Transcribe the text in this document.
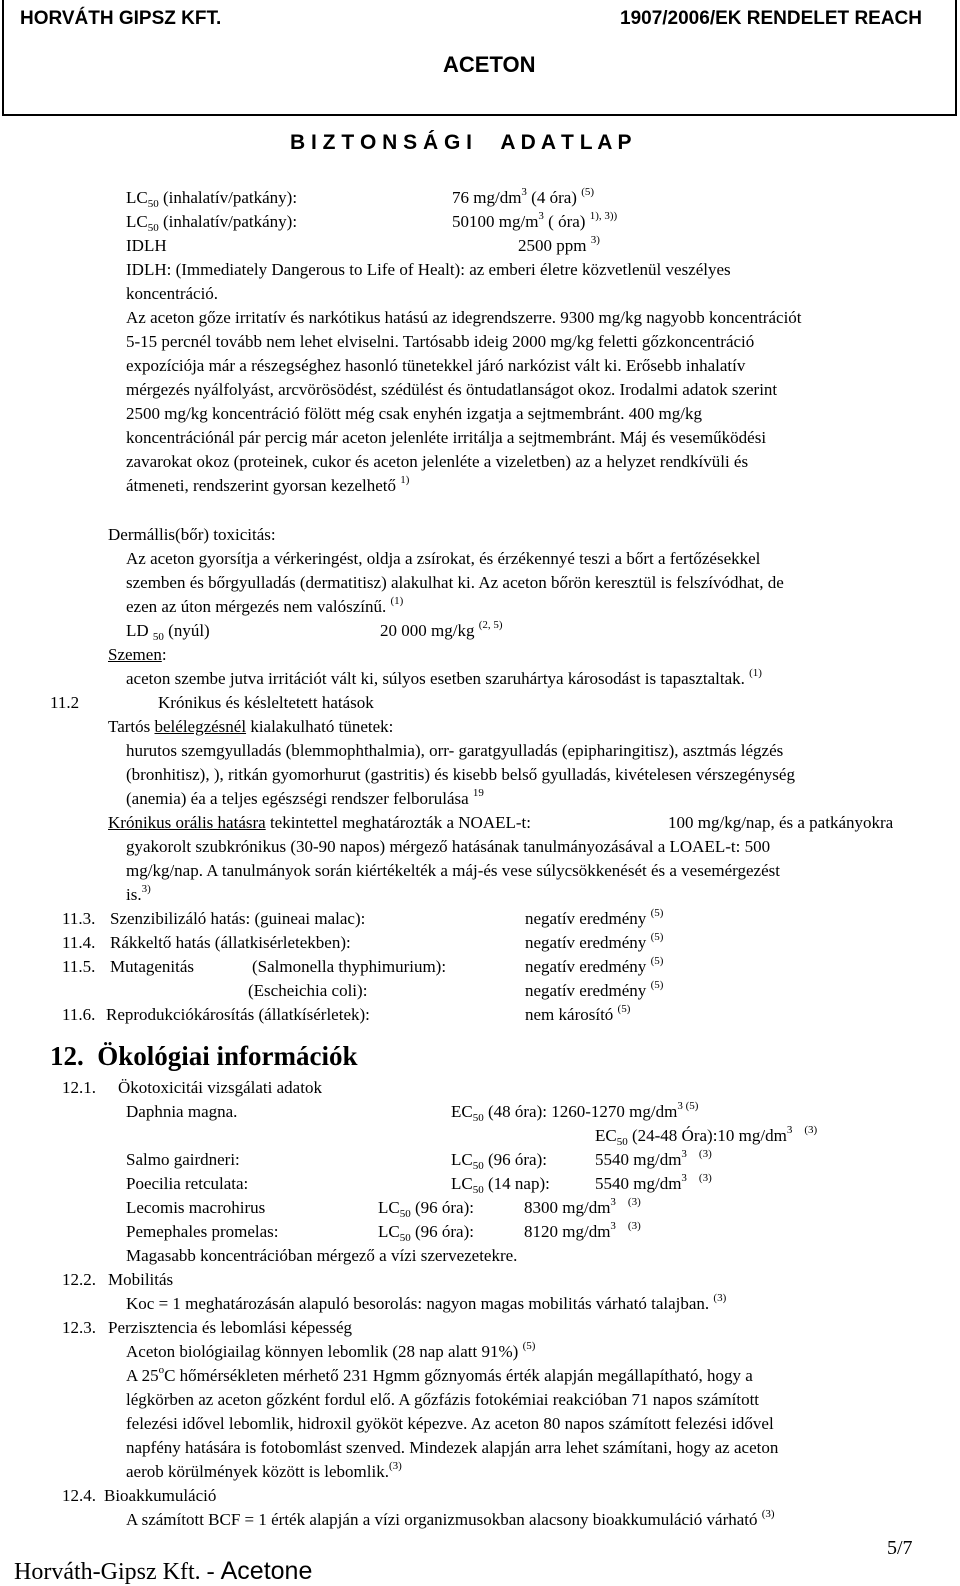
HORVÁTH GIPSZ KFT.	1907/2006/EK RENDELET REACH
ACETON
B I Z T O N S Á G I     A D A T L A P
$LC_{50}$ (inhalatív/patkány):	76 $mg/dm^3$ (4 óra) $^{(5)}$
$LC_{50}$ (inhalatív/patkány):	50100 $mg/m^3$ ( óra) $^{1), 3))}$
IDLH	2500 ppm $^{3)}$
IDLH: (Immediately Dangerous to Life of Healt): az emberi életre közvetlenül veszélyes
koncentráció.
Az aceton gőze irritatív és narkótikus hatású az idegrendszerre. 9300 mg/kg nagyobb koncentrációt
5-15 percnél tovább nem lehet elviselni. Tartósabb ideig 2000 mg/kg feletti gőzkoncentráció
expozíciója már a részegséghez hasonló tünetekkel járó narkózist vált ki. Erősebb inhalatív
mérgezés nyálfolyást, arcvörösödést, szédülést és öntudatlanságot okoz. Irodalmi adatok szerint
2500 mg/kg koncentráció fölött még csak enyhén izgatja a sejtmembránt. 400 mg/kg
koncentrációnál pár percig már aceton jelenléte irritálja a sejtmembránt. Máj és veseműködési
zavarokat okoz (proteinek, cukor és aceton jelenléte a vizeletben) az a helyzet rendkívüli és
átmeneti, rendszerint gyorsan kezelhető $^{1)}$
Dermállis(bőr) toxicitás:
Az aceton gyorsítja a vérkeringést, oldja a zsírokat, és érzékennyé teszi a bőrt a fertőzésekkel
szemben és bőrgyulladás (dermatitisz) alakulhat ki. Az aceton bőrön keresztül is felszívódhat, de
ezen az úton mérgezés nem valószínű. $^{(1)}$
LD $_{50}$ (nyúl)	20 000 mg/kg $^{(2, 5)}$
Szemen:
aceton szembe jutva irritációt vált ki, súlyos esetben szaruhártya károsodást is tapasztaltak. $^{(1)}$
11.2	Krónikus és késleltetett hatások
Tartós belélegzésnél kialakulható tünetek:
hurutos szemgyulladás (blemmophthalmia), orr- garatgyulladás (epipharingitisz), asztmás légzés
(bronhitisz), ), ritkán gyomorhurut (gastritis) és kisebb belső gyulladás, kivételesen vérszegénység
(anemia) éa a teljes egészségi rendszer felborulása $^{19}$
Krónikus orális hatásra tekintettel meghatározták a NOAEL-t:	100 mg/kg/nap, és a patkányokra
gyakorolt szubkrónikus (30-90 napos) mérgező hatásának tanulmányozásával a LOAEL-t: 500
mg/kg/nap. A tanulmányok során kiértékelték a máj-és vese súlycsökkenését és a vesemérgezést
is.$^{3)}$
11.3. Szenzibilizáló hatás: (guineai malac):	negatív eredmény $^{(5)}$
11.4. Rákkeltő hatás (állatkisérletekben):	negatív eredmény $^{(5)}$
11.5. Mutagenitás	(Salmonella thyphimurium):	negatív eredmény $^{(5)}$
(Escheichia coli):	negatív eredmény $^{(5)}$
11.6. Reprodukciókárosítás (állatkísérletek):	nem károsító $^{(5)}$
12.  Ökológiai információk
12.1. Ökotoxicitái vizsgálati adatok
Daphnia magna.	$EC_{50}$ (48 óra): 1260-1270 $mg/dm^{3 (5)}$
$EC_{50}$ (24-48 Óra):10 $mg/dm^3$ $^{(3)}$
Salmo gairdneri:	$LC_{50}$ (96 óra):	5540 $mg/dm^3$ $^{(3)}$
Poecilia retculata:	$LC_{50}$ (14 nap):	5540 $mg/dm^3$ $^{(3)}$
Lecomis macrohirus	$LC_{50}$ (96 óra):	8300 $mg/dm^3$ $^{(3)}$
Pemephales promelas:	$LC_{50}$ (96 óra):	8120 $mg/dm^3$ $^{(3)}$
Magasabb koncentrációban mérgező a vízi szervezetekre.
12.2. Mobilitás
Koc = 1 meghatározásán alapuló besorolás: nagyon magas mobilitás várható talajban. $^{(3)}$
12.3. Perzisztencia és lebomlási képesség
Aceton biológiailag könnyen lebomlik (28 nap alatt 91%) $^{(5)}$
A 25$^o$C hőmérsékleten mérhető 231 Hgmm gőznyomás érték alapján megállapítható, hogy a
légkörben az aceton gőzként fordul elő. A gőzfázis fotokémiai reakcióban 71 napos számított
felezési idővel lebomlik, hidroxil gyököt képezve. Az aceton 80 napos számított felezési idővel
napfény hatására is fotobomlást szenved. Mindezek alapján arra lehet számítani, hogy az aceton
aerob körülmények között is lebomlik.$^{(3)}$
12.4. Bioakkumuláció
A számított BCF = 1 érték alapján a vízi organizmusokban alacsony bioakkumuláció várható $^{(3)}$

Horváth-Gipsz Kft. - Acetone

5/7
